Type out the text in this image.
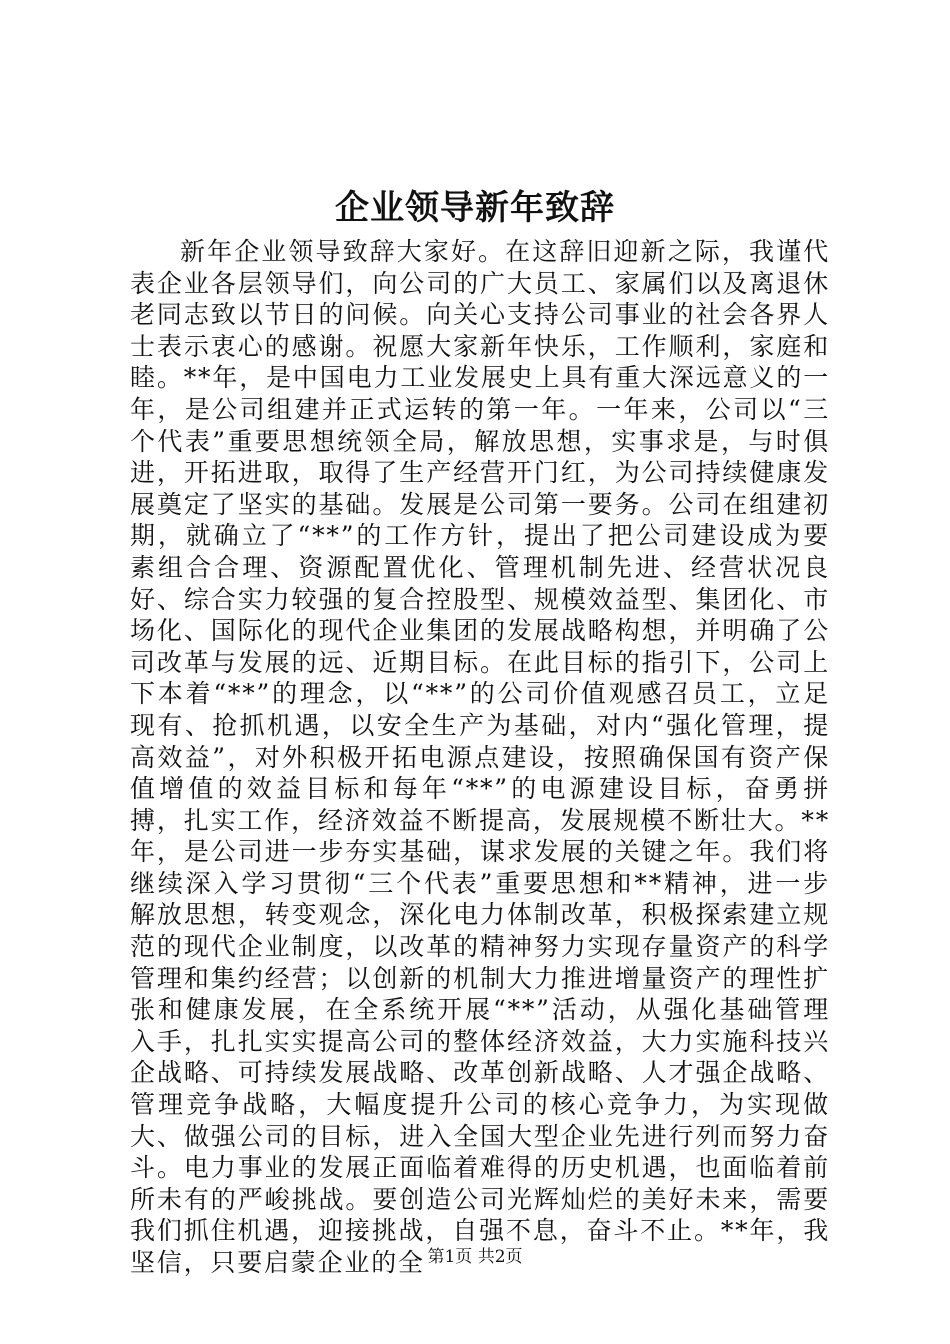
企业领导新年致辞

新年企业领导致辞大家好。在这辞旧迎新之际，我谨代表企业各层领导们，向公司的广大员工、家属们以及离退休老同志致以节日的问候。向关心支持公司事业的社会各界人士表示衷心的感谢。祝愿大家新年快乐，工作顺利，家庭和睦。**年，是中国电力工业发展史上具有重大深远意义的一年，是公司组建并正式运转的第一年。一年来，公司以“三个代表”重要思想统领全局，解放思想，实事求是，与时俱进，开拓进取，取得了生产经营开门红，为公司持续健康发展奠定了坚实的基础。发展是公司第一要务。公司在组建初期，就确立了“**”的工作方针，提出了把公司建设成为要素组合合理、资源配置优化、管理机制先进、经营状况良好、综合实力较强的复合控股型、规模效益型、集团化、市场化、国际化的现代企业集团的发展战略构想，并明确了公司改革与发展的远、近期目标。在此目标的指引下，公司上下本着“**”的理念，以“**”的公司价值观感召员工，立足现有、抢抓机遇，以安全生产为基础，对内“强化管理，提高效益”，对外积极开拓电源点建设，按照确保国有资产保值增值的效益目标和每年“**”的电源建设目标，奋勇拼搏，扎实工作，经济效益不断提高，发展规模不断壮大。**年，是公司进一步夯实基础，谋求发展的关键之年。我们将继续深入学习贯彻“三个代表”重要思想和**精神，进一步解放思想，转变观念，深化电力体制改革，积极探索建立规范的现代企业制度，以改革的精神努力实现存量资产的科学管理和集约经营；以创新的机制大力推进增量资产的理性扩张和健康发展，在全系统开展“**”活动，从强化基础管理入手，扎扎实实提高公司的整体经济效益，大力实施科技兴企战略、可持续发展战略、改革创新战略、人才强企战略、管理竞争战略，大幅度提升公司的核心竞争力，为实现做大、做强公司的目标，进入全国大型企业先进行列而努力奋斗。电力事业的发展正面临着难得的历史机遇，也面临着前所未有的严峻挑战。要创造公司光辉灿烂的美好未来，需要我们抓住机遇，迎接挑战，自强不息，奋斗不止。**年，我坚信，只要启蒙企业的全 第1页 共2页
